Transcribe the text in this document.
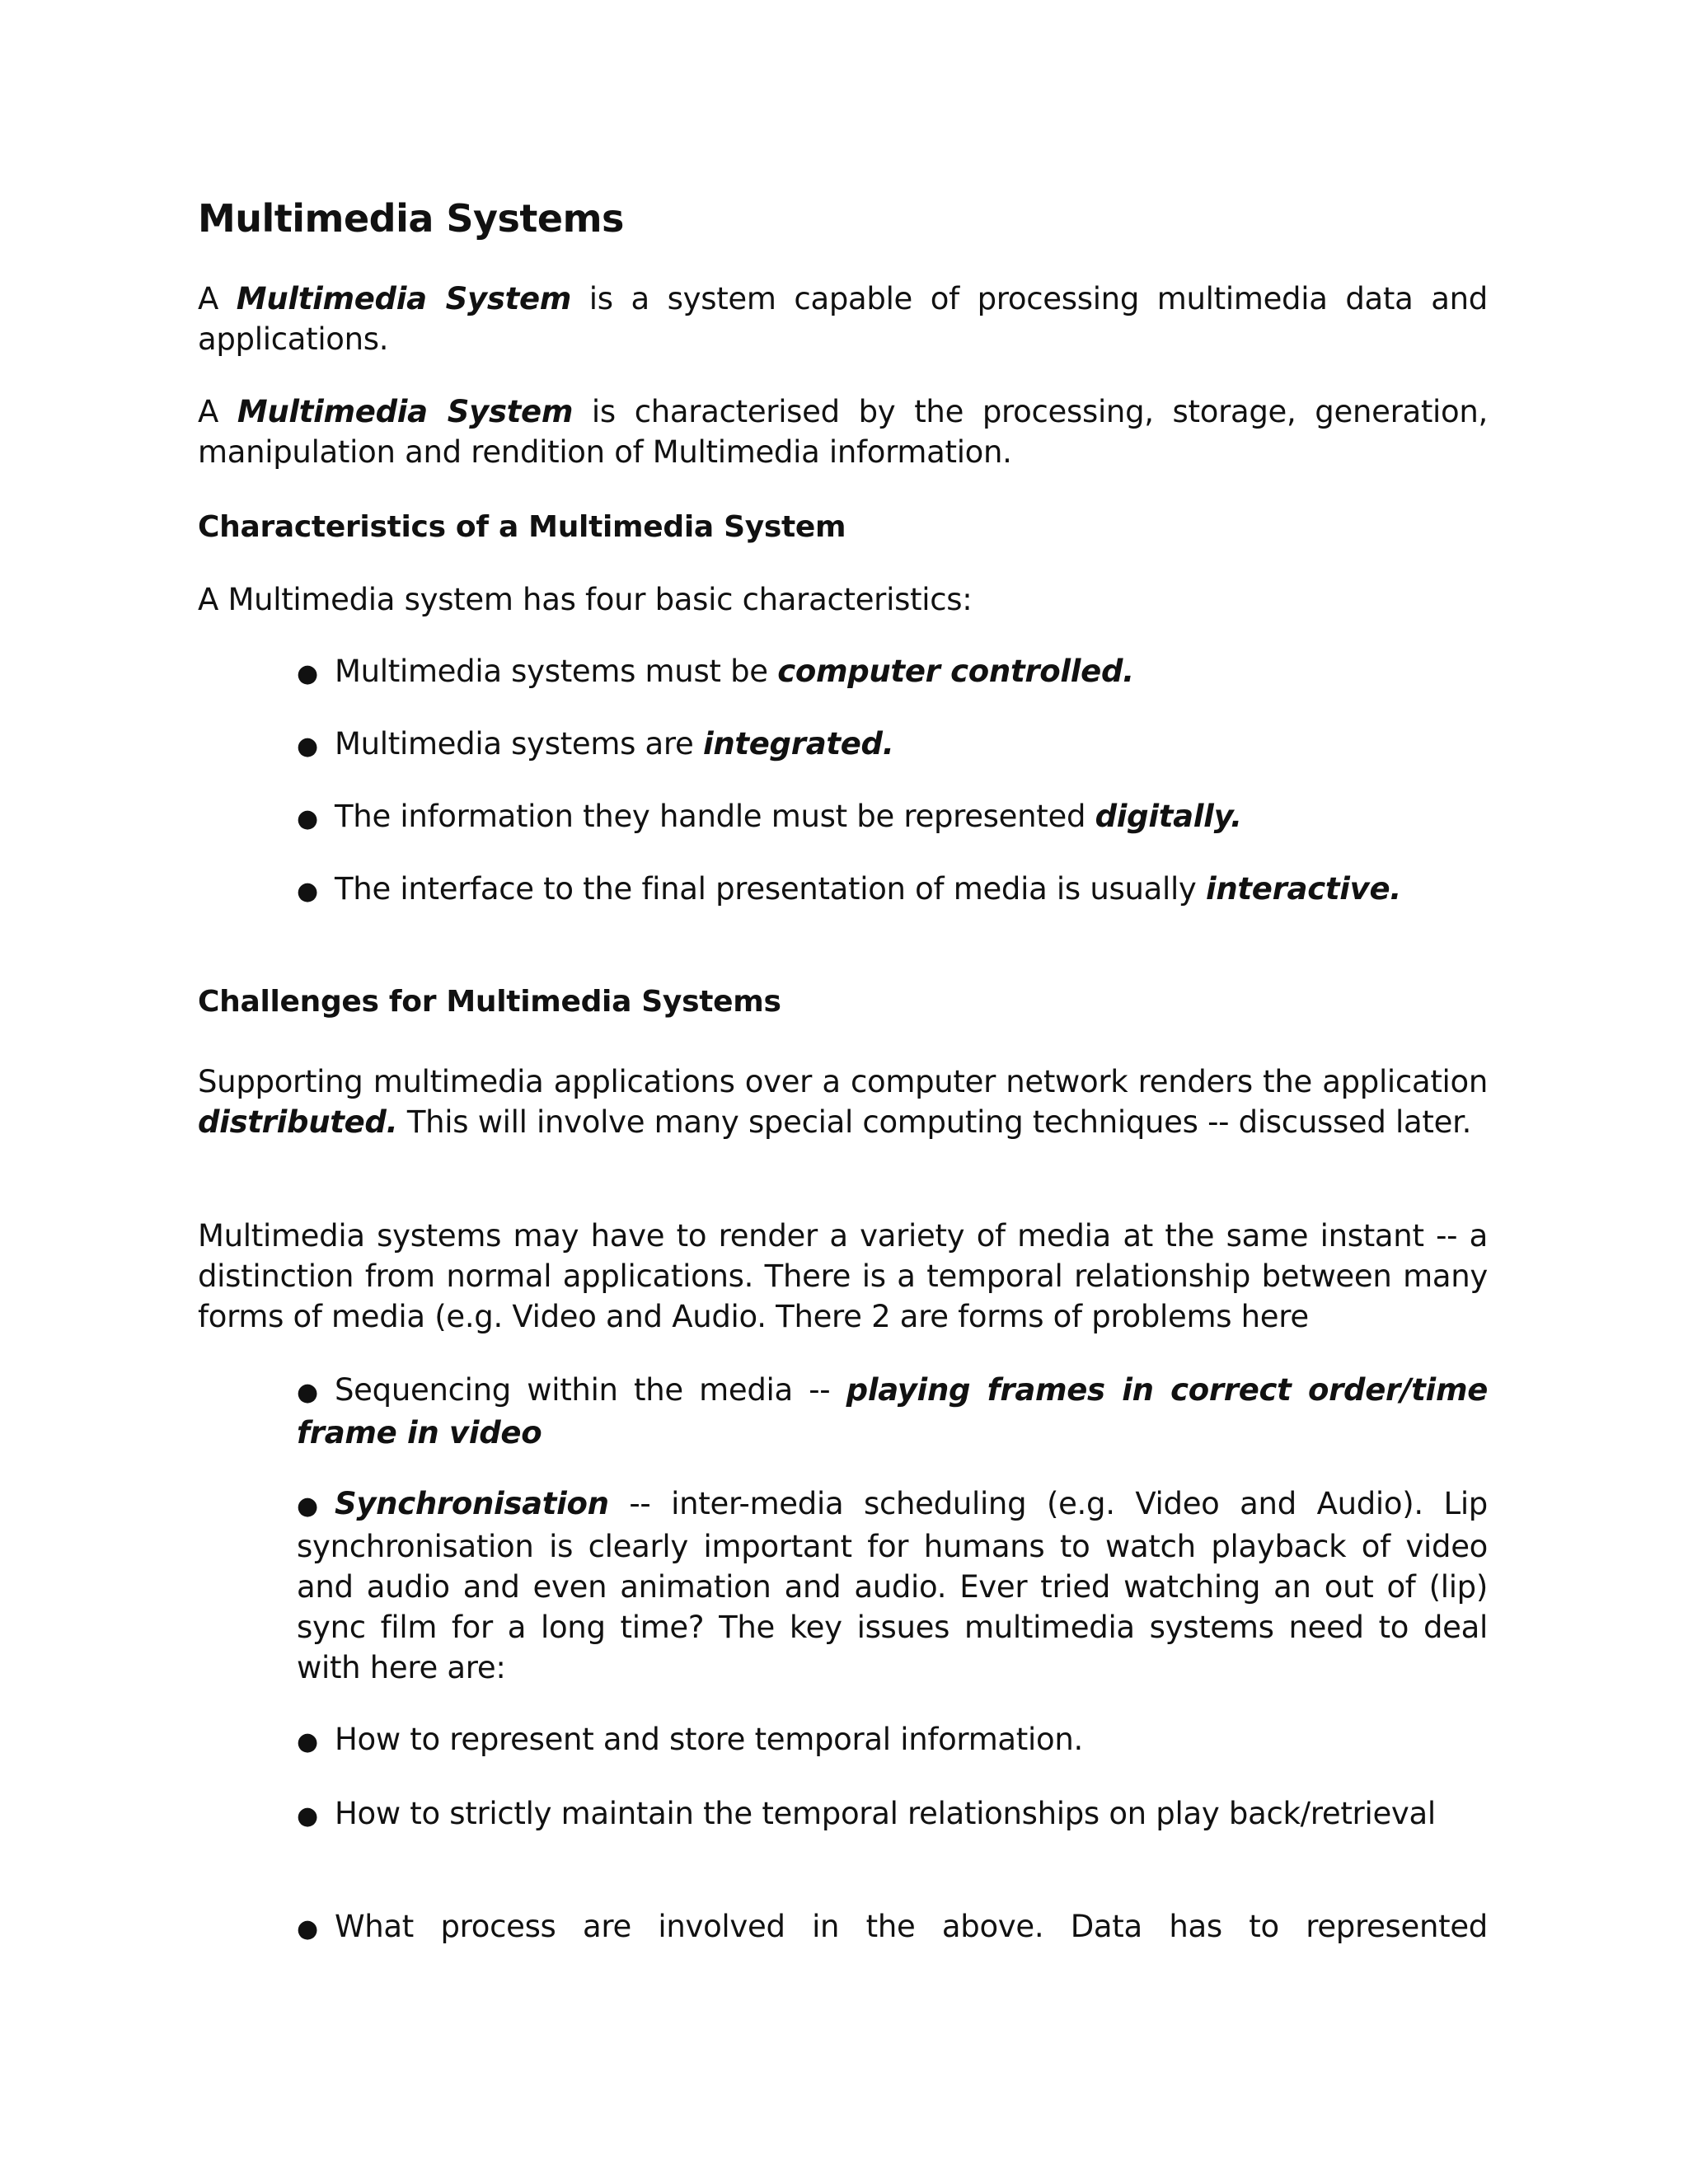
Multimedia Systems

A Multimedia System is a system capable of processing multimedia data and applications.

A Multimedia System is characterised by the processing, storage, generation, manipulation and rendition of Multimedia information.

Characteristics of a Multimedia System

A Multimedia system has four basic characteristics:

● Multimedia systems must be computer controlled.

● Multimedia systems are integrated.

● The information they handle must be represented digitally.

● The interface to the final presentation of media is usually interactive.

Challenges for Multimedia Systems

Supporting multimedia applications over a computer network renders the application distributed. This will involve many special computing techniques -- discussed later.

Multimedia systems may have to render a variety of media at the same instant -- a distinction from normal applications. There is a temporal relationship between many forms of media (e.g. Video and Audio. There 2 are forms of problems here

● Sequencing within the media -- playing frames in correct order/time frame in video

● Synchronisation -- inter-media scheduling (e.g. Video and Audio). Lip synchronisation is clearly important for humans to watch playback of video and audio and even animation and audio. Ever tried watching an out of (lip) sync film for a long time? The key issues multimedia systems need to deal with here are:

● How to represent and store temporal information.

● How to strictly maintain the temporal relationships on play back/retrieval

● What process are involved in the above. Data has to represented
